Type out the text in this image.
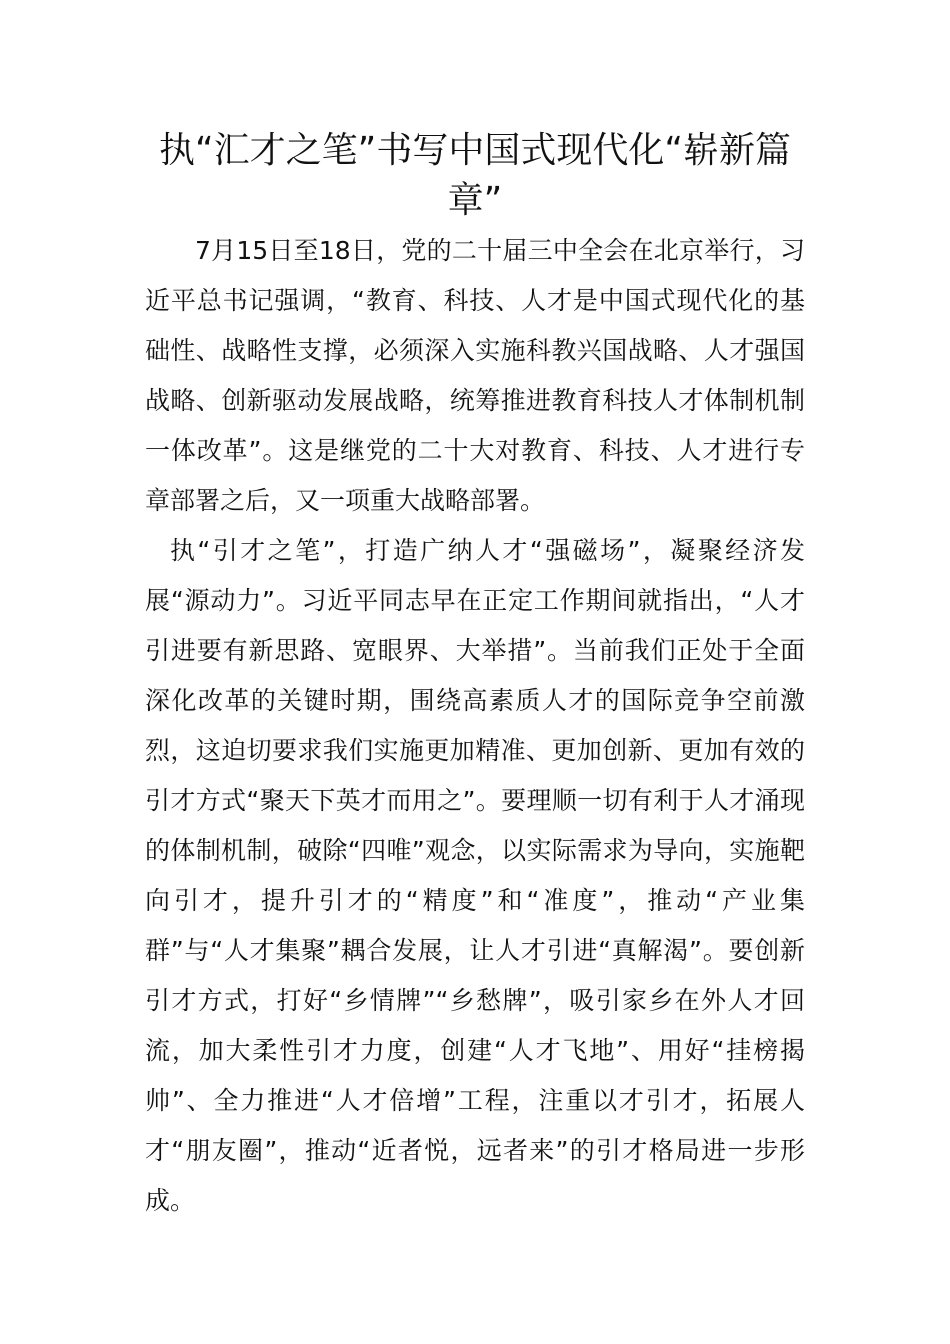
执“汇才之笔”书写中国式现代化“崭新篇章”

7月15日至18日，党的二十届三中全会在北京举行，习近平总书记强调，“教育、科技、人才是中国式现代化的基础性、战略性支撑，必须深入实施科教兴国战略、人才强国战略、创新驱动发展战略，统筹推进教育科技人才体制机制一体改革”。这是继党的二十大对教育、科技、人才进行专章部署之后，又一项重大战略部署。

执“引才之笔”，打造广纳人才“强磁场”，凝聚经济发展“源动力”。习近平同志早在正定工作期间就指出，“人才引进要有新思路、宽眼界、大举措”。当前我们正处于全面深化改革的关键时期，围绕高素质人才的国际竞争空前激烈，这迫切要求我们实施更加精准、更加创新、更加有效的引才方式“聚天下英才而用之”。要理顺一切有利于人才涌现的体制机制，破除“四唯”观念，以实际需求为导向，实施靶向引才，提升引才的“精度”和“准度”，推动“产业集群”与“人才集聚”耦合发展，让人才引进“真解渴”。要创新引才方式，打好“乡情牌”“乡愁牌”，吸引家乡在外人才回流，加大柔性引才力度，创建“人才飞地”、用好“挂榜揭帅”、全力推进“人才倍增”工程，注重以才引才，拓展人才“朋友圈”，推动“近者悦，远者来”的引才格局进一步形成。
